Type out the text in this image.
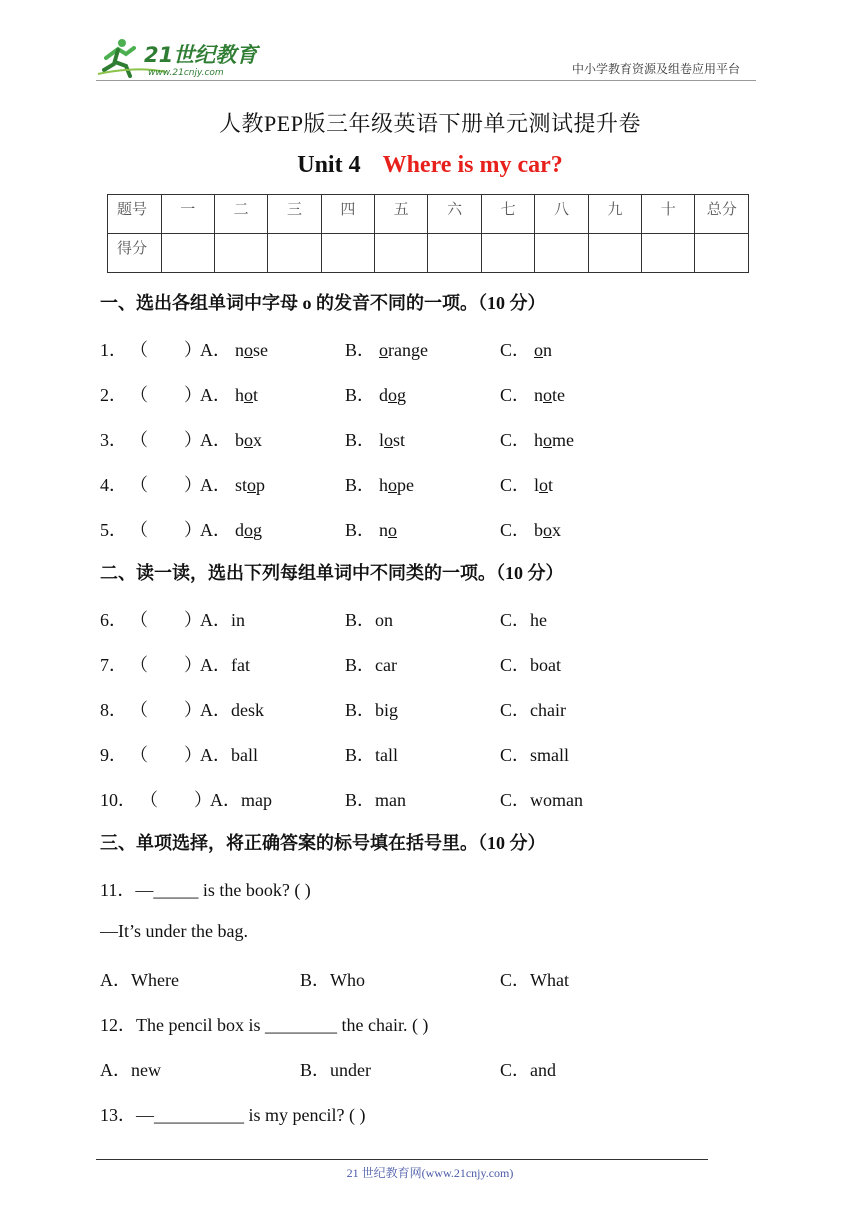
21世纪教育
www.21cnjy.com	中小学教育资源及组卷应用平台
人教PEP版三年级英语下册单元测试提升卷
Unit 4 Where is my car?
题号	一	二	三	四	五	六	七	八	九	十	总分
得分											
一、选出各组单词中字母 o 的发音不同的一项。（10 分）
1． （　　）
A． nose	B． orange	C． on
2． （　　）
A． hot	B． dog	C． note
3． （　　）
A． box	B． lost	C． home
4． （　　）
A． stop	B． hope	C． lot
5． （　　）
A． dog	B． no	C． box
二、读一读，选出下列每组单词中不同类的一项。（10 分）
6． （　　）
A．in	B．on	C．he
7． （　　）
A．fat	B．car	C．boat
8． （　　）
A．desk	B．big	C．chair
9． （　　）
A．ball	B．tall	C．small
10． （　　）
A．map	B．man	C．woman
三、单项选择，将正确答案的标号填在括号里。（10 分）
11．—_____ is the book? ( )
—It’s under the bag.
A．Where	B．Who	C．What
12．The pencil box is ________ the chair. ( )
A．new	B．under	C．and
13．—__________ is my pencil? ( )
21 世纪教育网(www.21cnjy.com)
